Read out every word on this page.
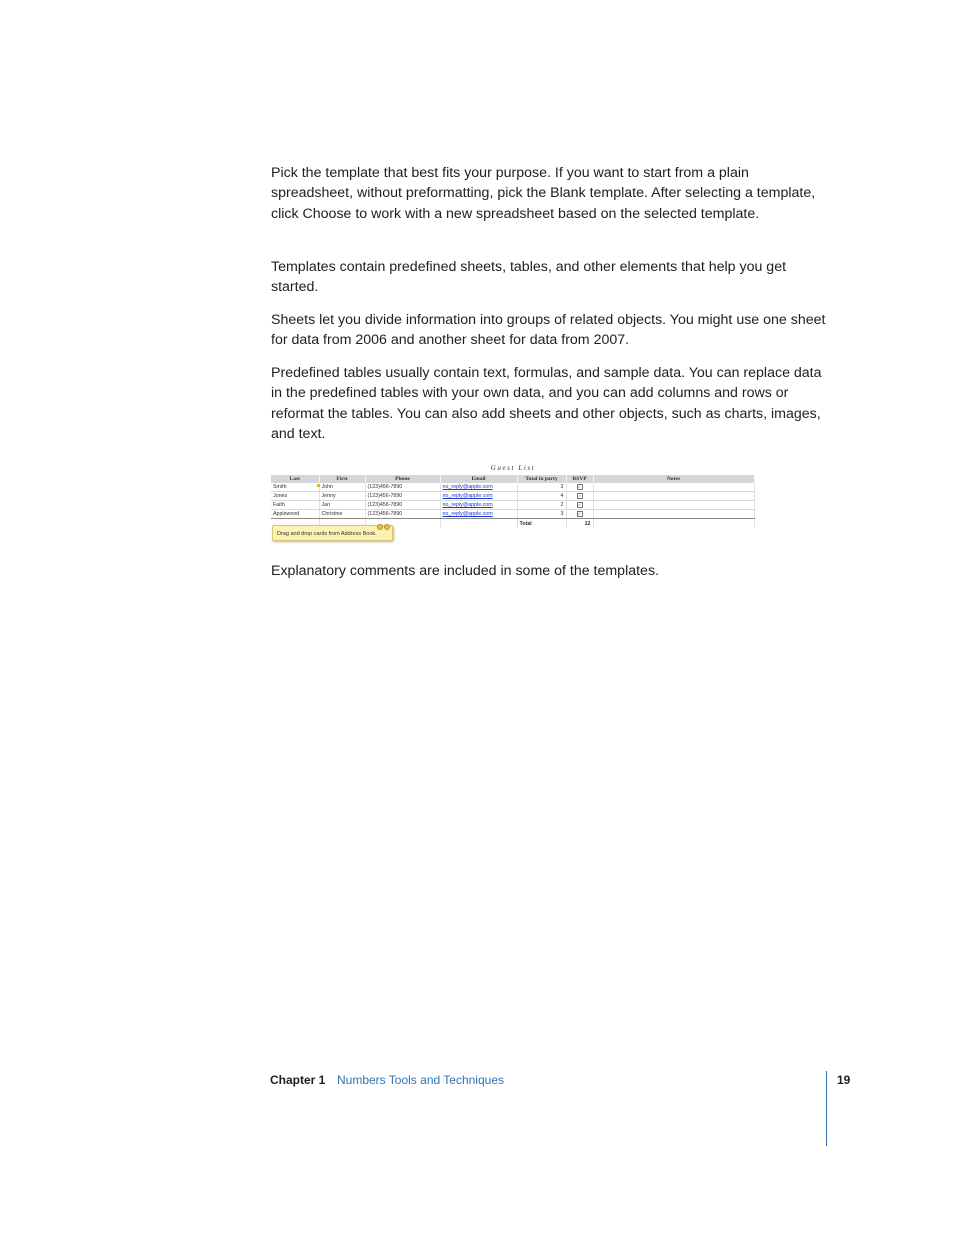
Pick the template that best fits your purpose. If you want to start from a plain spreadsheet, without preformatting, pick the Blank template. After selecting a template, click Choose to work with a new spreadsheet based on the selected template.

Templates contain predefined sheets, tables, and other elements that help you get started.

Sheets let you divide information into groups of related objects. You might use one sheet for data from 2006 and another sheet for data from 2007.

Predefined tables usually contain text, formulas, and sample data. You can replace data in the predefined tables with your own data, and you can add columns and rows or reformat the tables. You can also add sheets and other objects, such as charts, images, and text.

Guest List
Last	First	Phone	Email	Total in party	RSVP	Notes
Smith	John	(123)456-7890	no_reply@apple.com	3	✓	
Jones	Jenny	(123)456-7890	no_reply@apple.com	4	✓	
Faith	Jan	(123)456-7890	no_reply@apple.com	2	✓	
Applewood	Christine	(123)456-7890	no_reply@apple.com	3	✓	
				Total	12	
Drag and drop cards from Address Book.

Explanatory comments are included in some of the templates.

Chapter 1 Numbers Tools and Techniques	19
